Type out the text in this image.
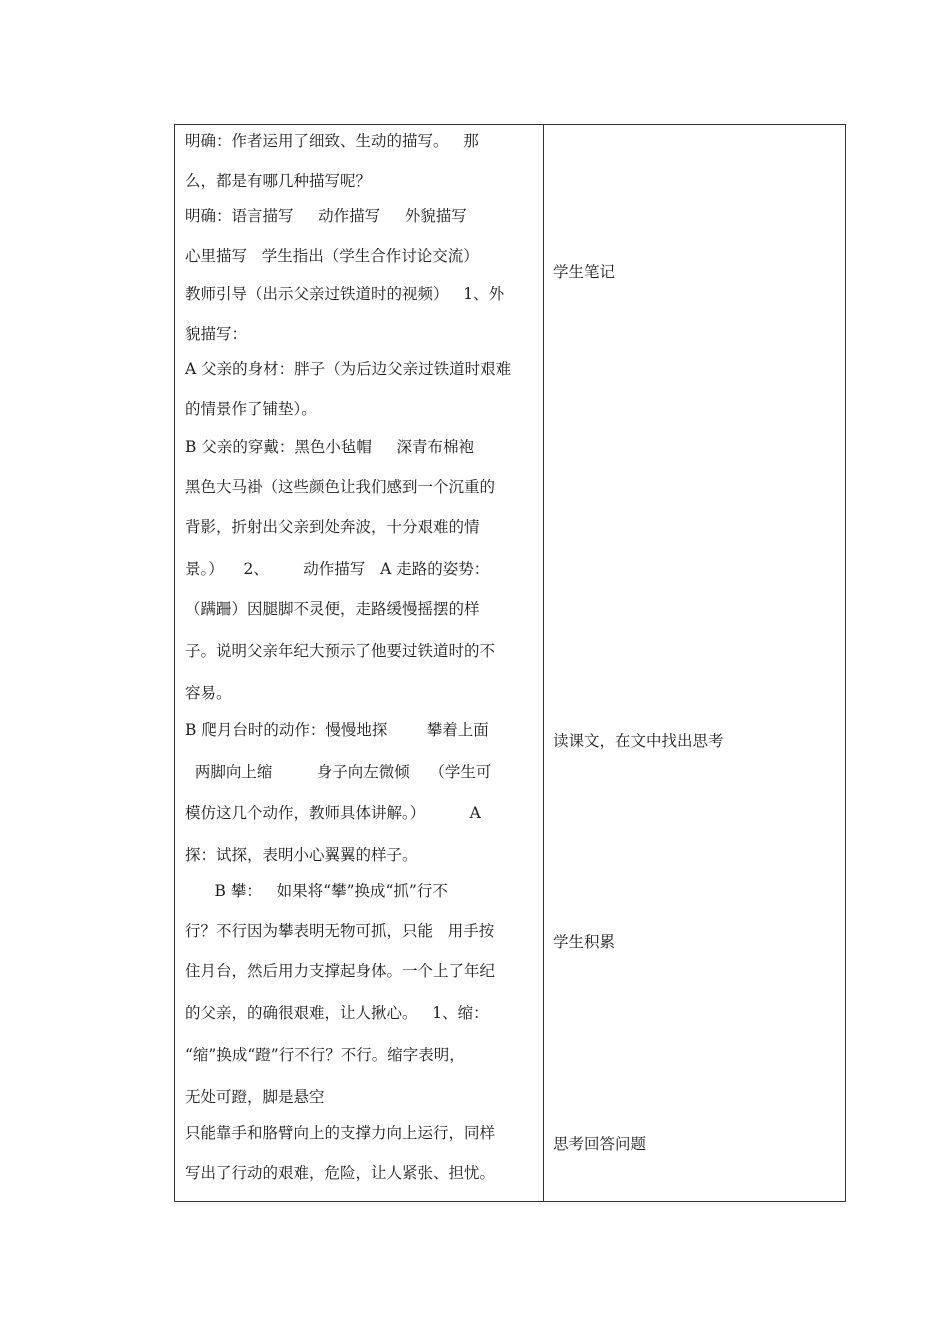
明确：作者运用了细致、生动的描写。   那
么，都是有哪几种描写呢？
明确：语言描写     动作描写     外貌描写
心里描写   学生指出（学生合作讨论交流）
教师引导（出示父亲过铁道时的视频）   1、外
貌描写：
A 父亲的身材：胖子（为后边父亲过铁道时艰难
的情景作了铺垫）。
B 父亲的穿戴：黑色小毡帽     深青布棉袍
黑色大马褂（这些颜色让我们感到一个沉重的
背影，折射出父亲到处奔波，十分艰难的情
景。）    2、       动作描写   A 走路的姿势：
（蹒跚）因腿脚不灵便，走路缓慢摇摆的样
子。说明父亲年纪大预示了他要过铁道时的不
容易。
B 爬月台时的动作：慢慢地探        攀着上面
两脚向上缩         身子向左微倾    （学生可
模仿这几个动作，教师具体讲解。）         A
探：试探，表明小心翼翼的样子。
B 攀：   如果将“攀”换成“抓”行不
行？不行因为攀表明无物可抓，只能   用手按
住月台，然后用力支撑起身体。一个上了年纪
的父亲，的确很艰难，让人揪心。   1、缩：
“缩”换成“蹬”行不行？不行。缩字表明，
无处可蹬，脚是悬空
只能靠手和胳臂向上的支撑力向上运行，同样
写出了行动的艰难，危险，让人紧张、担忧。
学生笔记
读课文，在文中找出思考
学生积累
思考回答问题
